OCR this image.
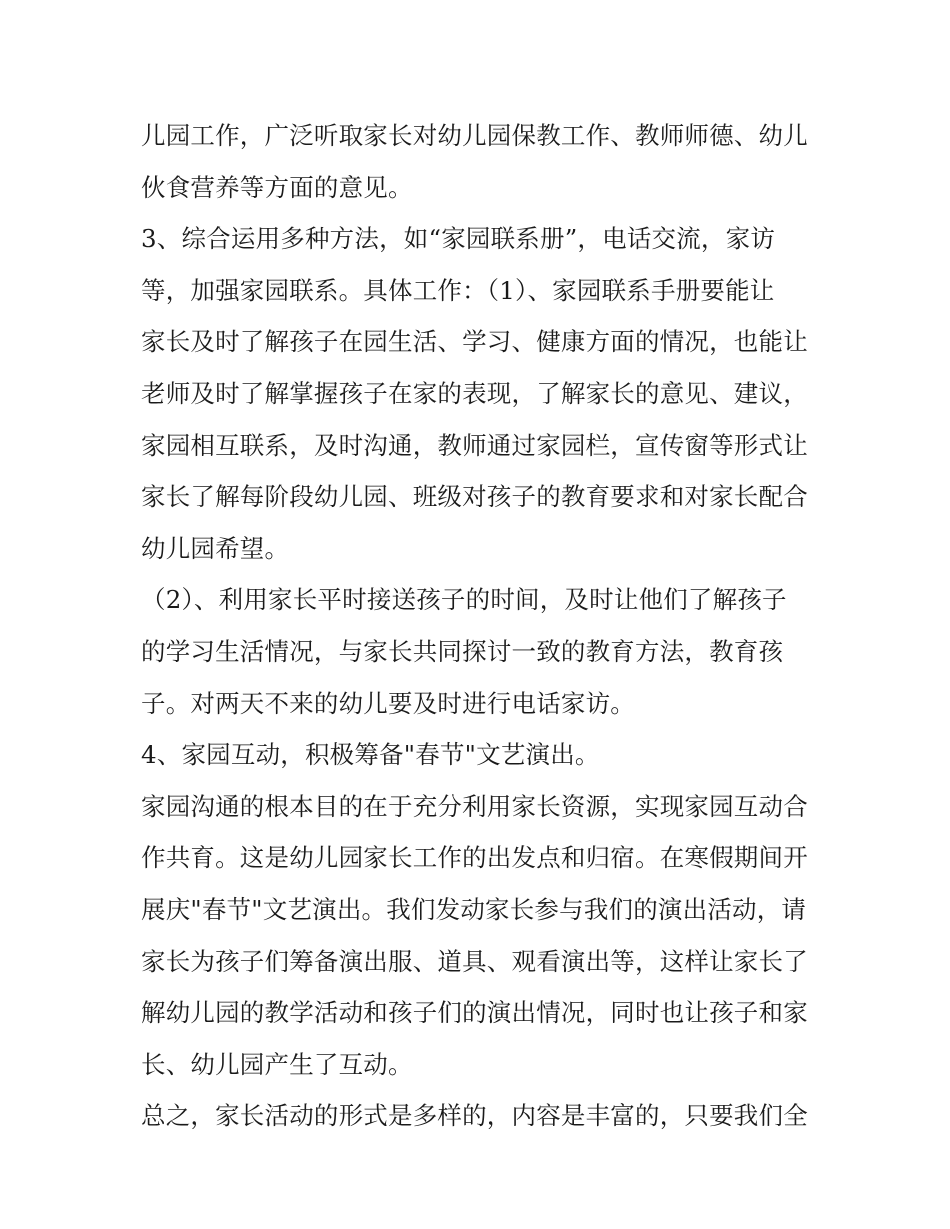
儿园工作，广泛听取家长对幼儿园保教工作、教师师德、幼儿
伙食营养等方面的意见。
3、综合运用多种方法，如“家园联系册”，电话交流，家访
等，加强家园联系。具体工作：（1）、家园联系手册要能让
家长及时了解孩子在园生活、学习、健康方面的情况，也能让
老师及时了解掌握孩子在家的表现，了解家长的意见、建议，
家园相互联系，及时沟通，教师通过家园栏，宣传窗等形式让
家长了解每阶段幼儿园、班级对孩子的教育要求和对家长配合
幼儿园希望。
（2）、利用家长平时接送孩子的时间，及时让他们了解孩子
的学习生活情况，与家长共同探讨一致的教育方法，教育孩
子。对两天不来的幼儿要及时进行电话家访。
4、家园互动，积极筹备"春节"文艺演出。
家园沟通的根本目的在于充分利用家长资源，实现家园互动合
作共育。这是幼儿园家长工作的出发点和归宿。在寒假期间开
展庆"春节"文艺演出。我们发动家长参与我们的演出活动，请
家长为孩子们筹备演出服、道具、观看演出等，这样让家长了
解幼儿园的教学活动和孩子们的演出情况，同时也让孩子和家
长、幼儿园产生了互动。
总之，家长活动的形式是多样的，内容是丰富的，只要我们全
